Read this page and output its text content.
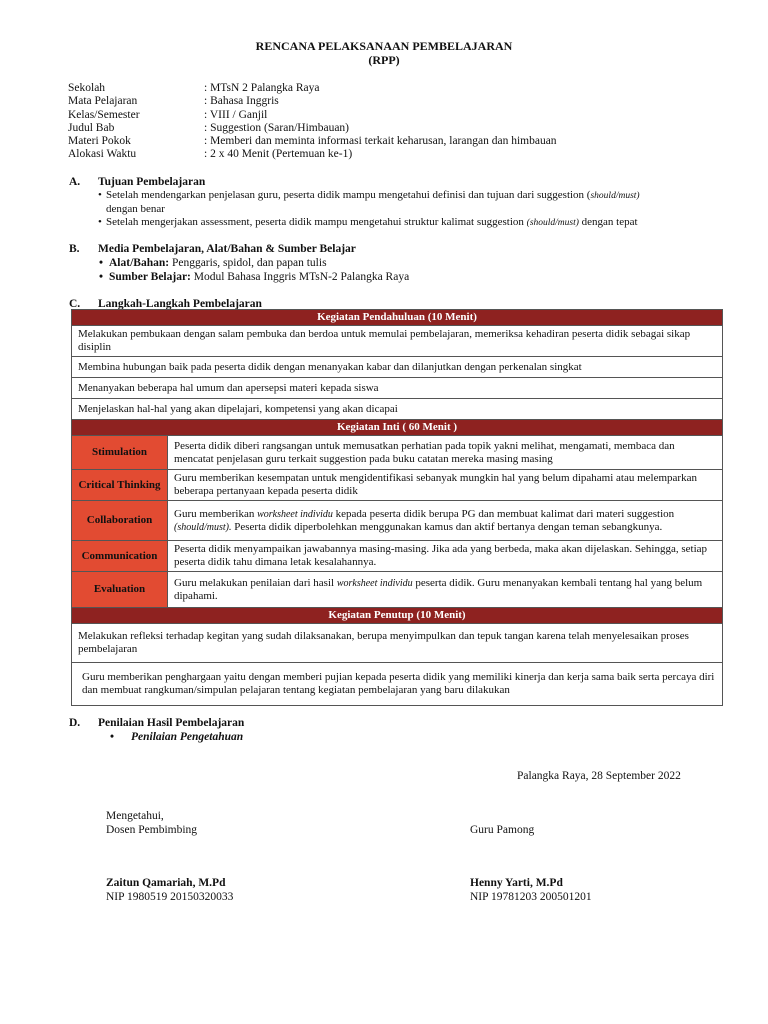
RENCANA PELAKSANAAN PEMBELAJARAN
(RPP)
Sekolah	: MTsN 2 Palangka Raya
Mata Pelajaran	: Bahasa Inggris
Kelas/Semester	: VIII / Ganjil
Judul Bab	: Suggestion (Saran/Himbauan)
Materi Pokok	: Memberi dan meminta informasi terkait keharusan, larangan dan himbauan
Alokasi Waktu	: 2 x 40 Menit (Pertemuan ke-1)
A. Tujuan Pembelajaran
• Setelah mendengarkan penjelasan guru, peserta didik mampu mengetahui definisi dan tujuan dari suggestion (should/must)
dengan benar
• Setelah mengerjakan assessment, peserta didik mampu mengetahui struktur kalimat suggestion (should/must) dengan tepat
B. Media Pembelajaran, Alat/Bahan & Sumber Belajar
• Alat/Bahan: Penggaris, spidol, dan papan tulis
• Sumber Belajar: Modul Bahasa Inggris MTsN-2 Palangka Raya
C. Langkah-Langkah Pembelajaran
Kegiatan Pendahuluan (10 Menit)	
Melakukan pembukaan dengan salam pembuka dan berdoa untuk memulai pembelajaran, memeriksa kehadiran peserta didik sebagai sikap disiplin	
Membina hubungan baik pada peserta didik dengan menanyakan kabar dan dilanjutkan dengan perkenalan singkat	
Menanyakan beberapa hal umum dan apersepsi materi kepada siswa	
Menjelaskan hal-hal yang akan dipelajari, kompetensi yang akan dicapai	
Kegiatan Inti ( 60 Menit )	
Stimulation	Peserta didik diberi rangsangan untuk memusatkan perhatian pada topik yakni melihat, mengamati, membaca dan mencatat penjelasan guru terkait suggestion pada buku catatan mereka masing masing
Critical Thinking	Guru memberikan kesempatan untuk mengidentifikasi sebanyak mungkin hal yang belum dipahami atau melemparkan beberapa pertanyaan kepada peserta didik
Collaboration	Guru memberikan worksheet individu kepada peserta didik berupa PG dan membuat kalimat dari materi suggestion (should/must). Peserta didik diperbolehkan menggunakan kamus dan aktif bertanya dengan teman sebangkunya.
Communication	Peserta didik menyampaikan jawabannya masing-masing. Jika ada yang berbeda, maka akan dijelaskan. Sehingga, setiap peserta didik tahu dimana letak kesalahannya.
Evaluation	Guru melakukan penilaian dari hasil worksheet individu peserta didik. Guru menanyakan kembali tentang hal yang belum dipahami.
Kegiatan Penutup (10 Menit)	
Melakukan refleksi terhadap kegitan yang sudah dilaksanakan, berupa menyimpulkan dan tepuk tangan karena telah menyelesaikan proses pembelajaran	
Guru memberikan penghargaan yaitu dengan memberi pujian kepada peserta didik yang memiliki kinerja dan kerja sama baik serta percaya diri dan membuat rangkuman/simpulan pelajaran tentang kegiatan pembelajaran yang baru dilakukan	
D. Penilaian Hasil Pembelajaran
• Penilaian Pengetahuan
Palangka Raya, 28 September 2022
Mengetahui,
Dosen Pembimbing	Guru Pamong
Zaitun Qamariah, M.Pd
NIP 1980519 20150320033
Henny Yarti, M.Pd
NIP 19781203 200501201
